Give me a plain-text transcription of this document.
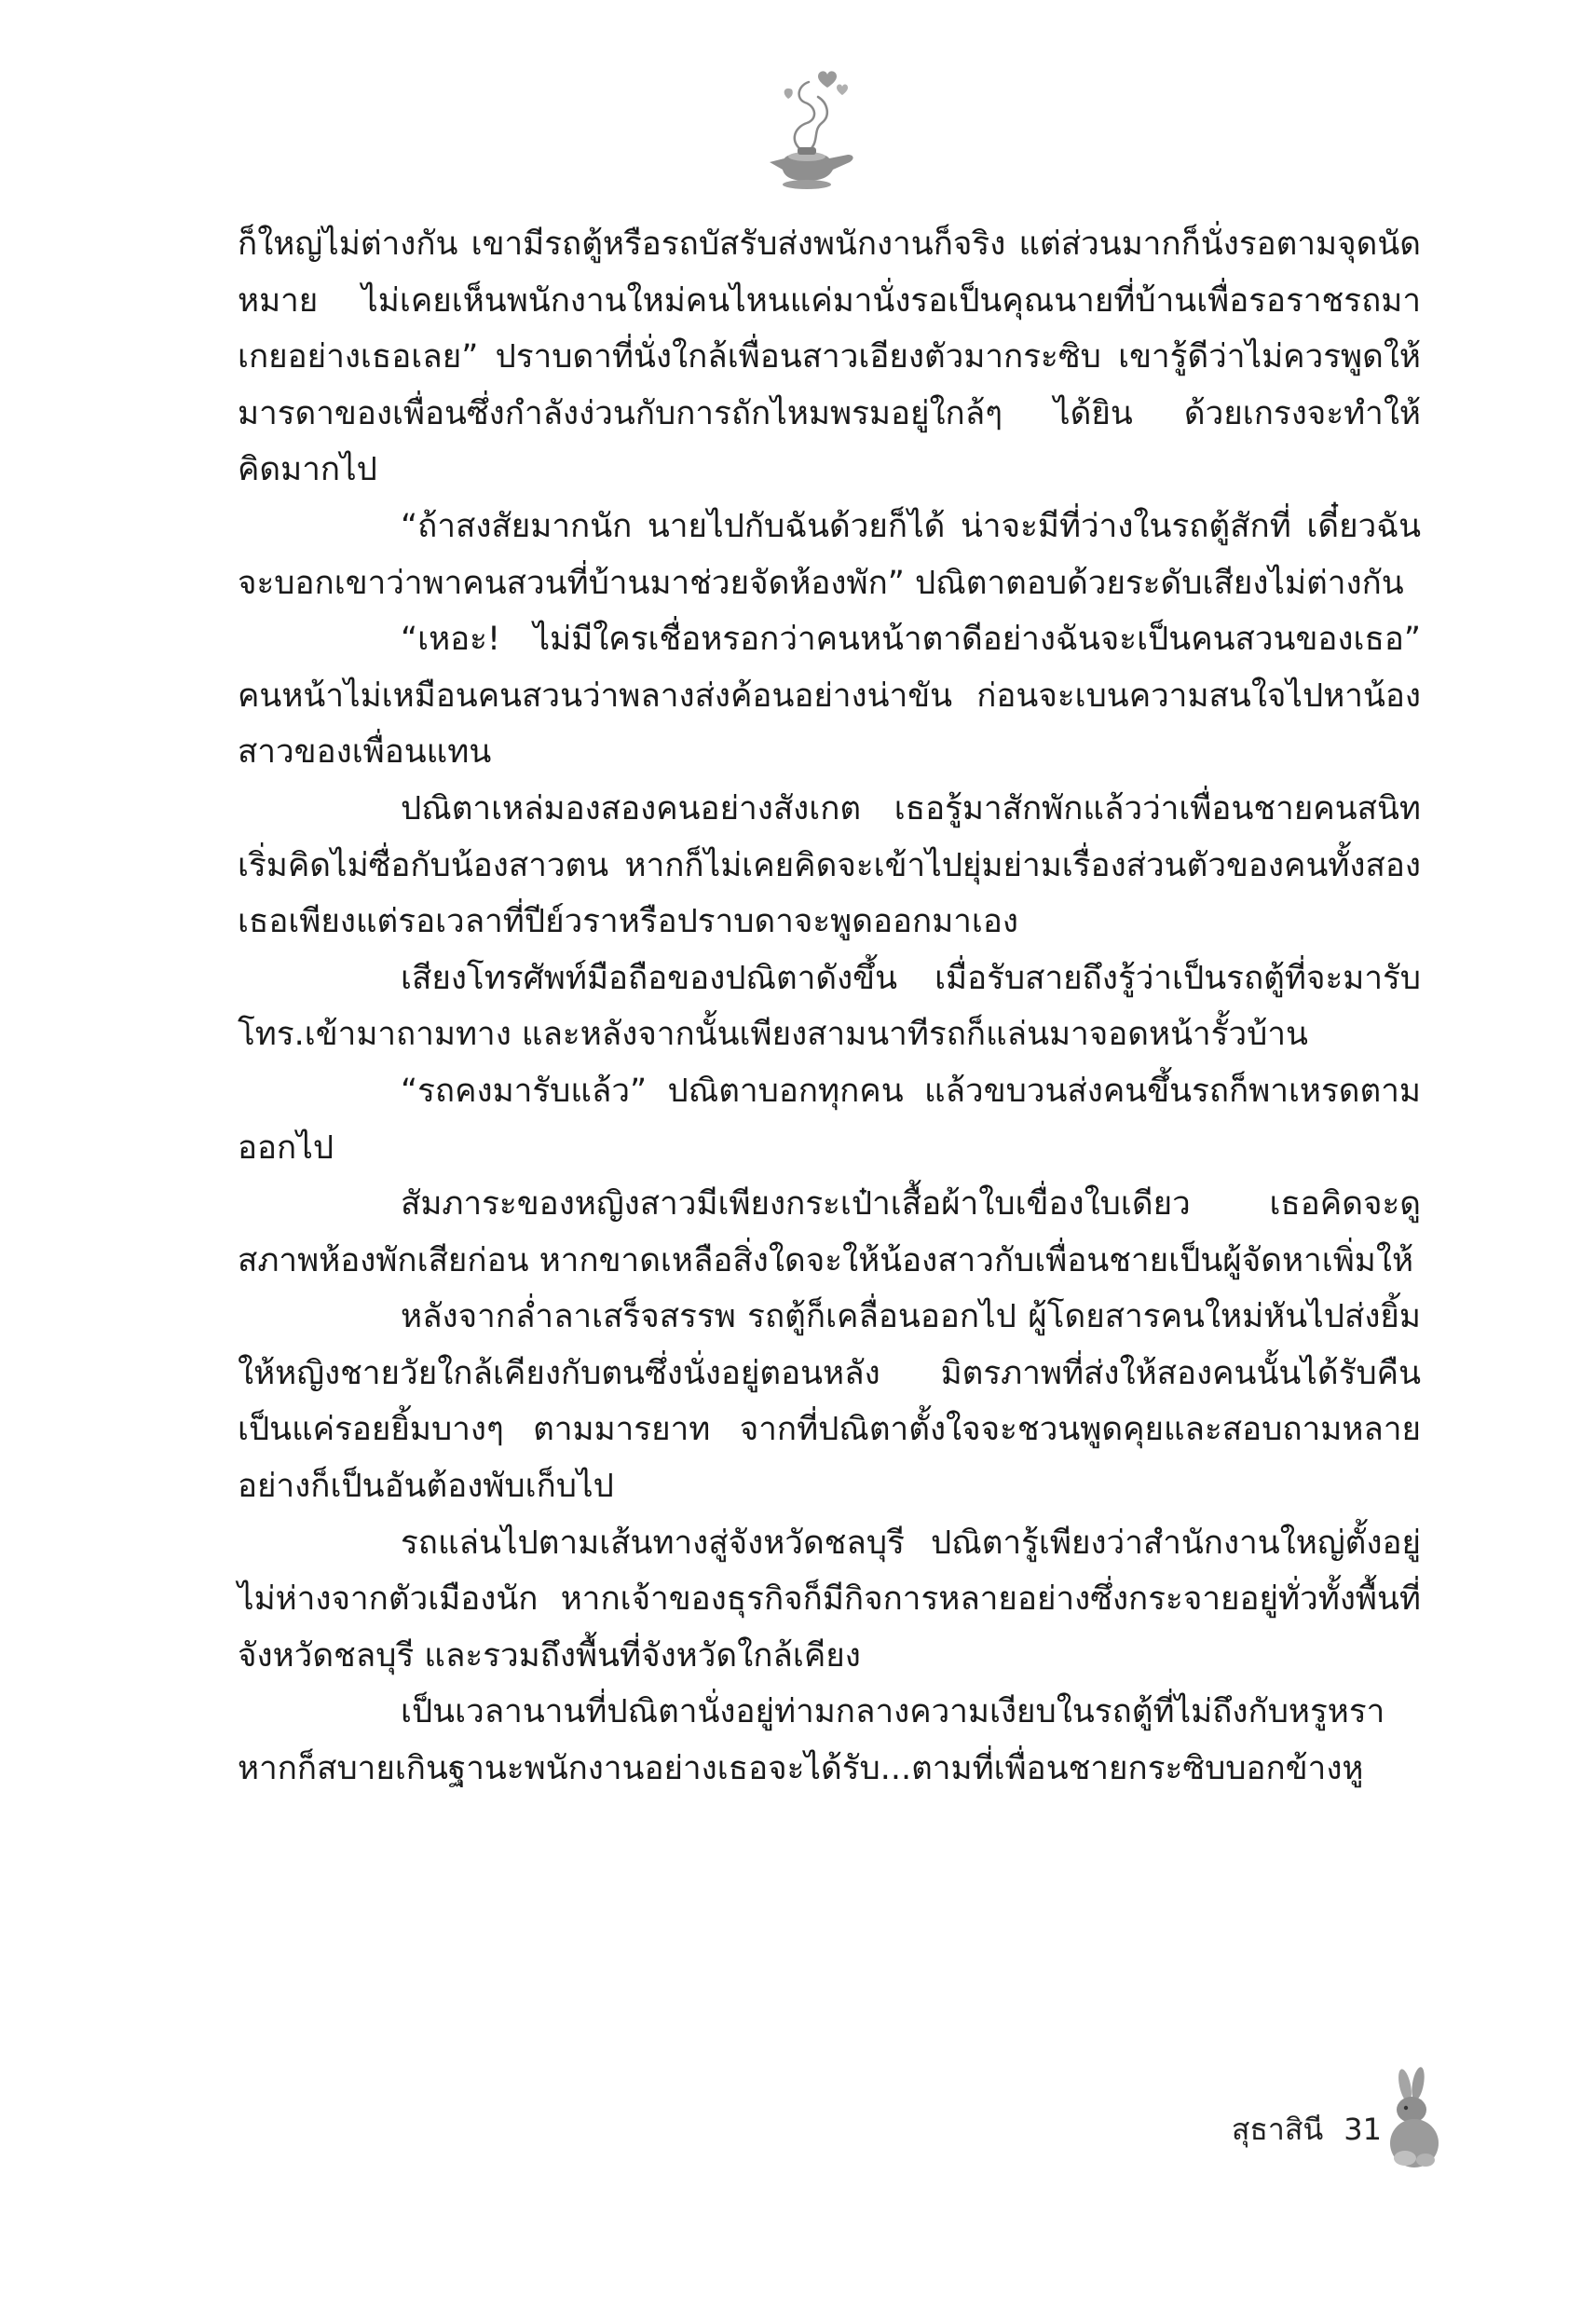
ก็ใหญ่ไม่ต่างกัน เขามีรถตู้หรือรถบัสรับส่งพนักงานก็จริง แต่ส่วนมากก็นั่งรอตามจุดนัดหมาย ไม่เคยเห็นพนักงานใหม่คนไหนแค่มานั่งรอเป็นคุณนายที่บ้านเพื่อรอราชรถมาเกยอย่างเธอเลย” ปราบดาที่นั่งใกล้เพื่อนสาวเอียงตัวมากระซิบ เขารู้ดีว่าไม่ควรพูดให้มารดาของเพื่อนซึ่งกำลังง่วนกับการถักไหมพรมอยู่ใกล้ๆ ได้ยิน ด้วยเกรงจะทำให้คิดมากไป

“ถ้าสงสัยมากนัก นายไปกับฉันด้วยก็ได้ น่าจะมีที่ว่างในรถตู้สักที่ เดี๋ยวฉันจะบอกเขาว่าพาคนสวนที่บ้านมาช่วยจัดห้องพัก” ปณิตาตอบด้วยระดับเสียงไม่ต่างกัน

“เหอะ! ไม่มีใครเชื่อหรอกว่าคนหน้าตาดีอย่างฉันจะเป็นคนสวนของเธอ” คนหน้าไม่เหมือนคนสวนว่าพลางส่งค้อนอย่างน่าขัน ก่อนจะเบนความสนใจไปหาน้องสาวของเพื่อนแทน

ปณิตาเหล่มองสองคนอย่างสังเกต เธอรู้มาสักพักแล้วว่าเพื่อนชายคนสนิทเริ่มคิดไม่ซื่อกับน้องสาวตน หากก็ไม่เคยคิดจะเข้าไปยุ่มย่ามเรื่องส่วนตัวของคนทั้งสอง เธอเพียงแต่รอเวลาที่ปีย์วราหรือปราบดาจะพูดออกมาเอง

เสียงโทรศัพท์มือถือของปณิตาดังขึ้น เมื่อรับสายถึงรู้ว่าเป็นรถตู้ที่จะมารับโทร.เข้ามาถามทาง และหลังจากนั้นเพียงสามนาทีรถก็แล่นมาจอดหน้ารั้วบ้าน

“รถคงมารับแล้ว” ปณิตาบอกทุกคน แล้วขบวนส่งคนขึ้นรถก็พาเหรดตามออกไป

สัมภาระของหญิงสาวมีเพียงกระเป๋าเสื้อผ้าใบเขื่องใบเดียว เธอคิดจะดูสภาพห้องพักเสียก่อน หากขาดเหลือสิ่งใดจะให้น้องสาวกับเพื่อนชายเป็นผู้จัดหาเพิ่มให้

หลังจากล่ำลาเสร็จสรรพ รถตู้ก็เคลื่อนออกไป ผู้โดยสารคนใหม่หันไปส่งยิ้มให้หญิงชายวัยใกล้เคียงกับตนซึ่งนั่งอยู่ตอนหลัง มิตรภาพที่ส่งให้สองคนนั้นได้รับคืนเป็นแค่รอยยิ้มบางๆ ตามมารยาท จากที่ปณิตาตั้งใจจะชวนพูดคุยและสอบถามหลายอย่างก็เป็นอันต้องพับเก็บไป

รถแล่นไปตามเส้นทางสู่จังหวัดชลบุรี ปณิตารู้เพียงว่าสำนักงานใหญ่ตั้งอยู่ไม่ห่างจากตัวเมืองนัก หากเจ้าของธุรกิจก็มีกิจการหลายอย่างซึ่งกระจายอยู่ทั่วทั้งพื้นที่จังหวัดชลบุรี และรวมถึงพื้นที่จังหวัดใกล้เคียง

เป็นเวลานานที่ปณิตานั่งอยู่ท่ามกลางความเงียบในรถตู้ที่ไม่ถึงกับหรูหรา หากก็สบายเกินฐานะพนักงานอย่างเธอจะได้รับ...ตามที่เพื่อนชายกระซิบบอกข้างหู

สุธาสินี 31
